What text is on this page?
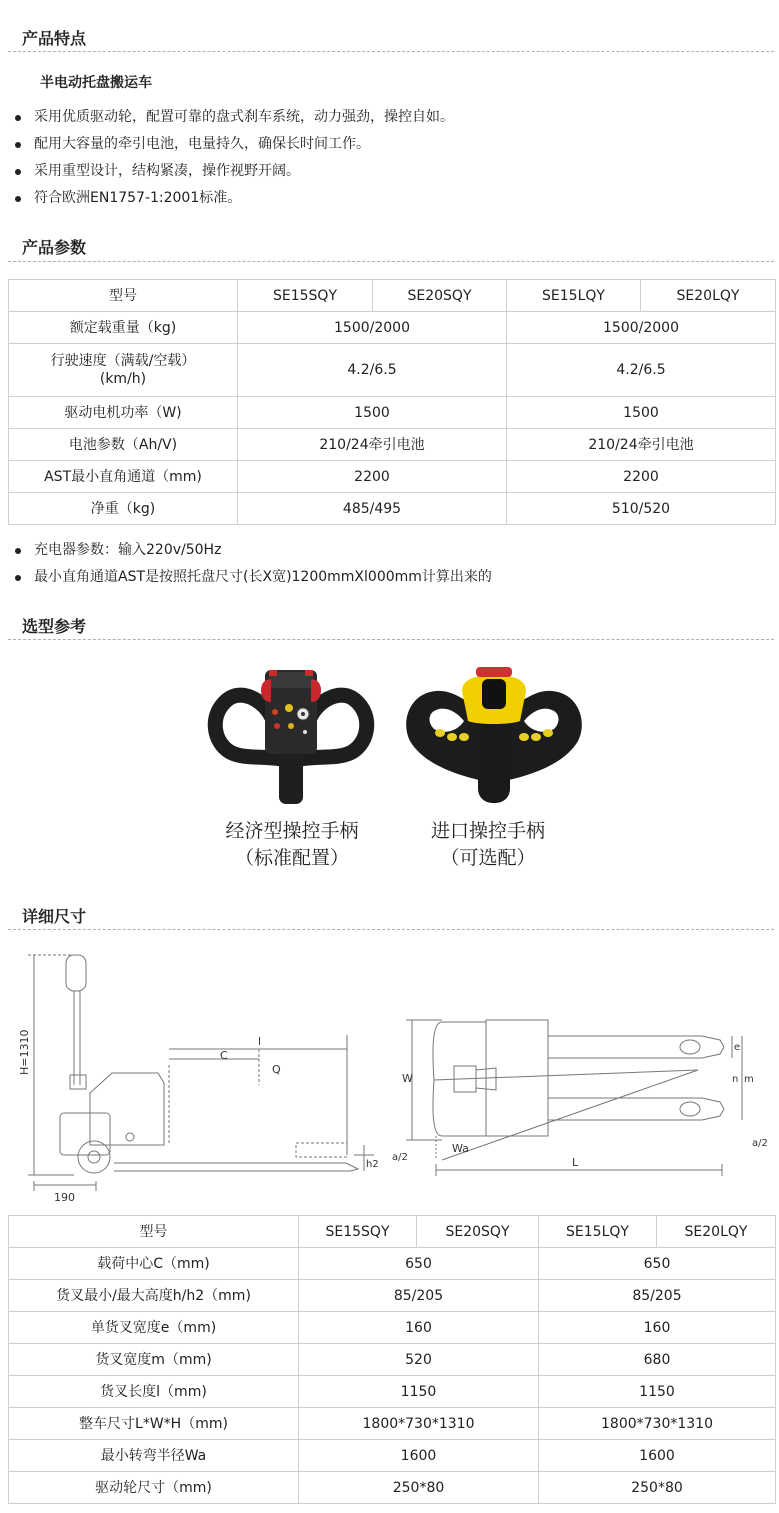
产品特点
半电动托盘搬运车
采用优质驱动轮，配置可靠的盘式刹车系统，动力强劲，操控自如。
配用大容量的牵引电池，电量持久，确保长时间工作。
采用重型设计，结构紧凑，操作视野开阔。
符合欧洲EN1757-1:2001标准。
产品参数
型号	SE15SQY	SE20SQY	SE15LQY	SE20LQY
额定载重量（kg)	1500/2000		1500/2000	
行驶速度（满载/空载）(km/h)	4.2/6.5		4.2/6.5	
驱动电机功率（W)	1500		1500	
电池参数（Ah/V)	210/24牵引电池		210/24牵引电池	
AST最小直角通道（mm)	2200		2200	
净重（kg)	485/495		510/520	
充电器参数：输入220v/50Hz
最小直角通道AST是按照托盘尺寸(长X宽)1200mmXl000mm计算出来的
选型参考
经济型操控手柄
（标准配置）
进口操控手柄
（可选配）
详细尺寸
H=1310	C
l
Q
h2
190
W
e
m
n
a/2
a/2
Wa
L
型号	SE15SQY	SE20SQY	SE15LQY	SE20LQY
载荷中心C（mm)	650		650	
货叉最小/最大高度h/h2（mm)	85/205		85/205	
单货叉宽度e（mm)	160		160	
货叉宽度m（mm)	520		680	
货叉长度l（mm)	1150		1150	
整车尺寸L*W*H（mm)	1800*730*1310		1800*730*1310	
最小转弯半径Wa	1600		1600	
驱动轮尺寸（mm)	250*80		250*80	
